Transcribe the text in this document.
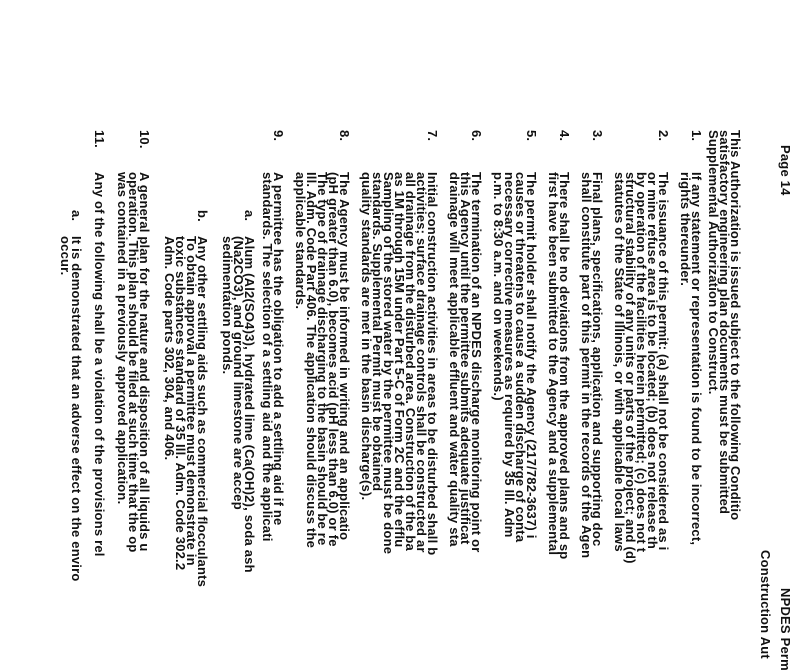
Page 14
NPDES Perm
Construction Aut
This Authorization is issued subject to the following Conditio
satisfactory engineering plan documents must be submitted
Supplemental Authorization to Construct.
1.
If any statement or representation is found to be incorrect,
rights thereunder.
2.
The issuance of this permit: (a) shall not be considered as i
or mine refuse area is to be located; (b) does not release th
by operation of the facilities herein permitted; (c) does not t
structural stability of any units or parts of the project; and (d)
statutes of the State of Illinois, or with applicable local laws
3.
Final plans, specifications, application and supporting doc
shall constitute part of this permit in the records of the Agen
4.
There shall be no deviations from the approved plans and sp
first have been submitted to the Agency and a supplemental
5.
The permit holder shall notify the Agency (217/782-3637) i
causes or threatens to cause a sudden discharge of conta
necessary corrective measures as required by 35 Ill. Adm
p.m. to 8:30 a.m. and on weekends.)
6.
The termination of an NPDES discharge monitoring point or
this Agency until the permittee submits adequate justificat
drainage will meet applicable effluent and water quality sta
7.
Initial construction activities in areas to be disturbed shall b
activities; surface drainage controls shall be constructed ar
all drainage from the disturbed area. Construction of the ba
as 1M through 15M under Part 5-C of Form 2C and the efflu
Sampling of the stored water by the permittee must be done
standards. Supplemental Permit must be obtained
quality standards are met in the basin discharge(s).
8.
The Agency must be informed in writing and an applicatio
(pH greater than 6.0), becomes acid (pH less than 6.0) or fe
The type of drainage discharging to the basin should be re
Ill. Adm. Code Part 406. The application should discuss the
applicable standards.
9.
A permittee has the obligation to add a settling aid if ne
standards. The selection of a settling aid and the applicati
a.
Alum (Al2(SO4)3), hydrated lime (Ca(OH)2), soda ash
(Na2CO3), and ground limestone are accep
sedimentation ponds.
b.
Any other settling aids such as commercial flocculants
To obtain approval a permittee must demonstrate in
toxic substances standard of 35 Ill. Adm. Code 302.2
Adm. Code parts 302, 304, and 406.
10.
A general plan for the nature and disposition of all liquids u
operation. This plan should be filed at such time that the op
was contained in a previously approved application.
11.
Any of the following shall be a violation of the provisions rel
a.
It is demonstrated that an adverse effect on the enviro
occur.
